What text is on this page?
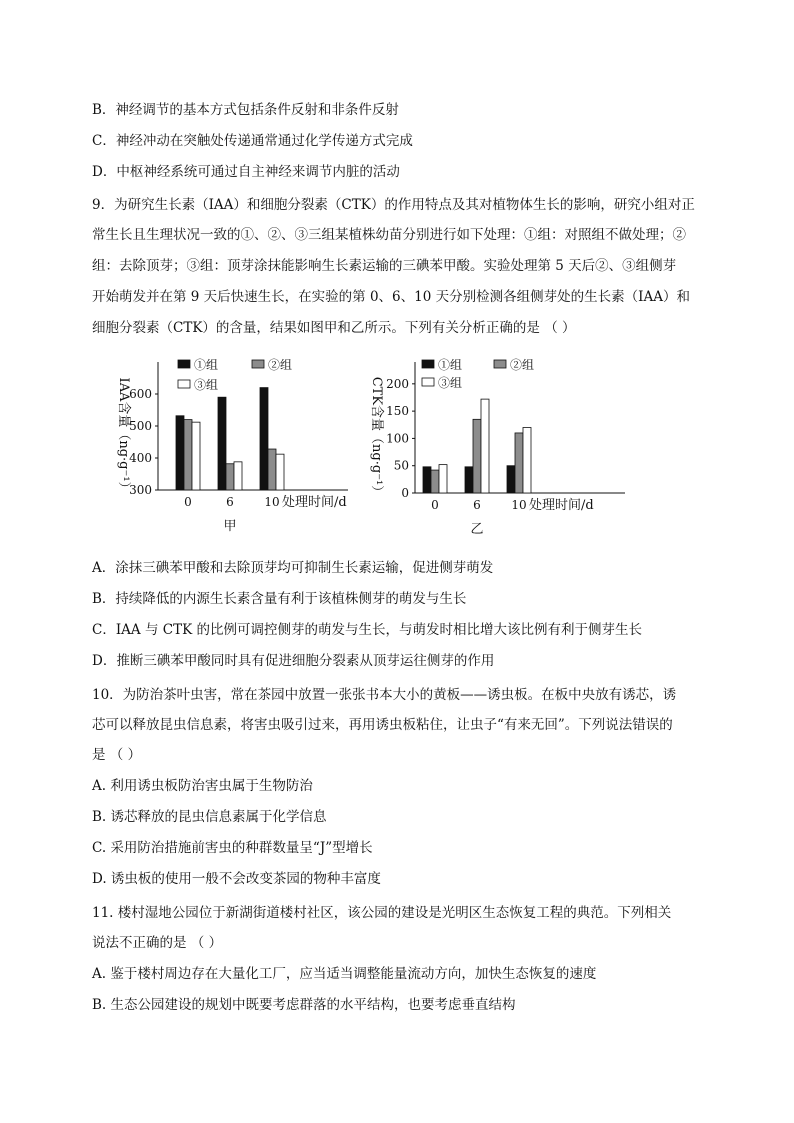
B．神经调节的基本方式包括条件反射和非条件反射
C．神经冲动在突触处传递通常通过化学传递方式完成
D．中枢神经系统可通过自主神经来调节内脏的活动
9．为研究生长素（IAA）和细胞分裂素（CTK）的作用特点及其对植物体生长的影响，研究小组对正
常生长且生理状况一致的①、②、③三组某植株幼苗分别进行如下处理：①组：对照组不做处理；②
组：去除顶芽；③组：顶芽涂抹能影响生长素运输的三碘苯甲酸。实验处理第 5 天后②、③组侧芽
开始萌发并在第 9 天后快速生长，在实验的第 0、6、10 天分别检测各组侧芽处的生长素（IAA）和
细胞分裂素（CTK）的含量，结果如图甲和乙所示。下列有关分析正确的是 （ ）
600
500
400
300
0	6	10 处理时间/d
甲
IAA含量（ng·g⁻¹）
①组	②组
③组	200
150
100
50
0
0	6	10 处理时间/d
乙
CTK含量（ng·g⁻¹）
①组	②组
③组
A．涂抹三碘苯甲酸和去除顶芽均可抑制生长素运输，促进侧芽萌发
B．持续降低的内源生长素含量有利于该植株侧芽的萌发与生长
C．IAA 与 CTK 的比例可调控侧芽的萌发与生长，与萌发时相比增大该比例有利于侧芽生长
D．推断三碘苯甲酸同时具有促进细胞分裂素从顶芽运往侧芽的作用
10．为防治茶叶虫害，常在茶园中放置一张张书本大小的黄板——诱虫板。在板中央放有诱芯，诱
芯可以释放昆虫信息素，将害虫吸引过来，再用诱虫板粘住，让虫子“有来无回”。下列说法错误的
是 （ ）
A. 利用诱虫板防治害虫属于生物防治
B. 诱芯释放的昆虫信息素属于化学信息
C. 采用防治措施前害虫的种群数量呈“J”型增长
D. 诱虫板的使用一般不会改变茶园的物种丰富度
11. 楼村湿地公园位于新湖街道楼村社区，该公园的建设是光明区生态恢复工程的典范。下列相关
说法不正确的是 （ ）
A. 鉴于楼村周边存在大量化工厂，应当适当调整能量流动方向，加快生态恢复的速度
B. 生态公园建设的规划中既要考虑群落的水平结构，也要考虑垂直结构
